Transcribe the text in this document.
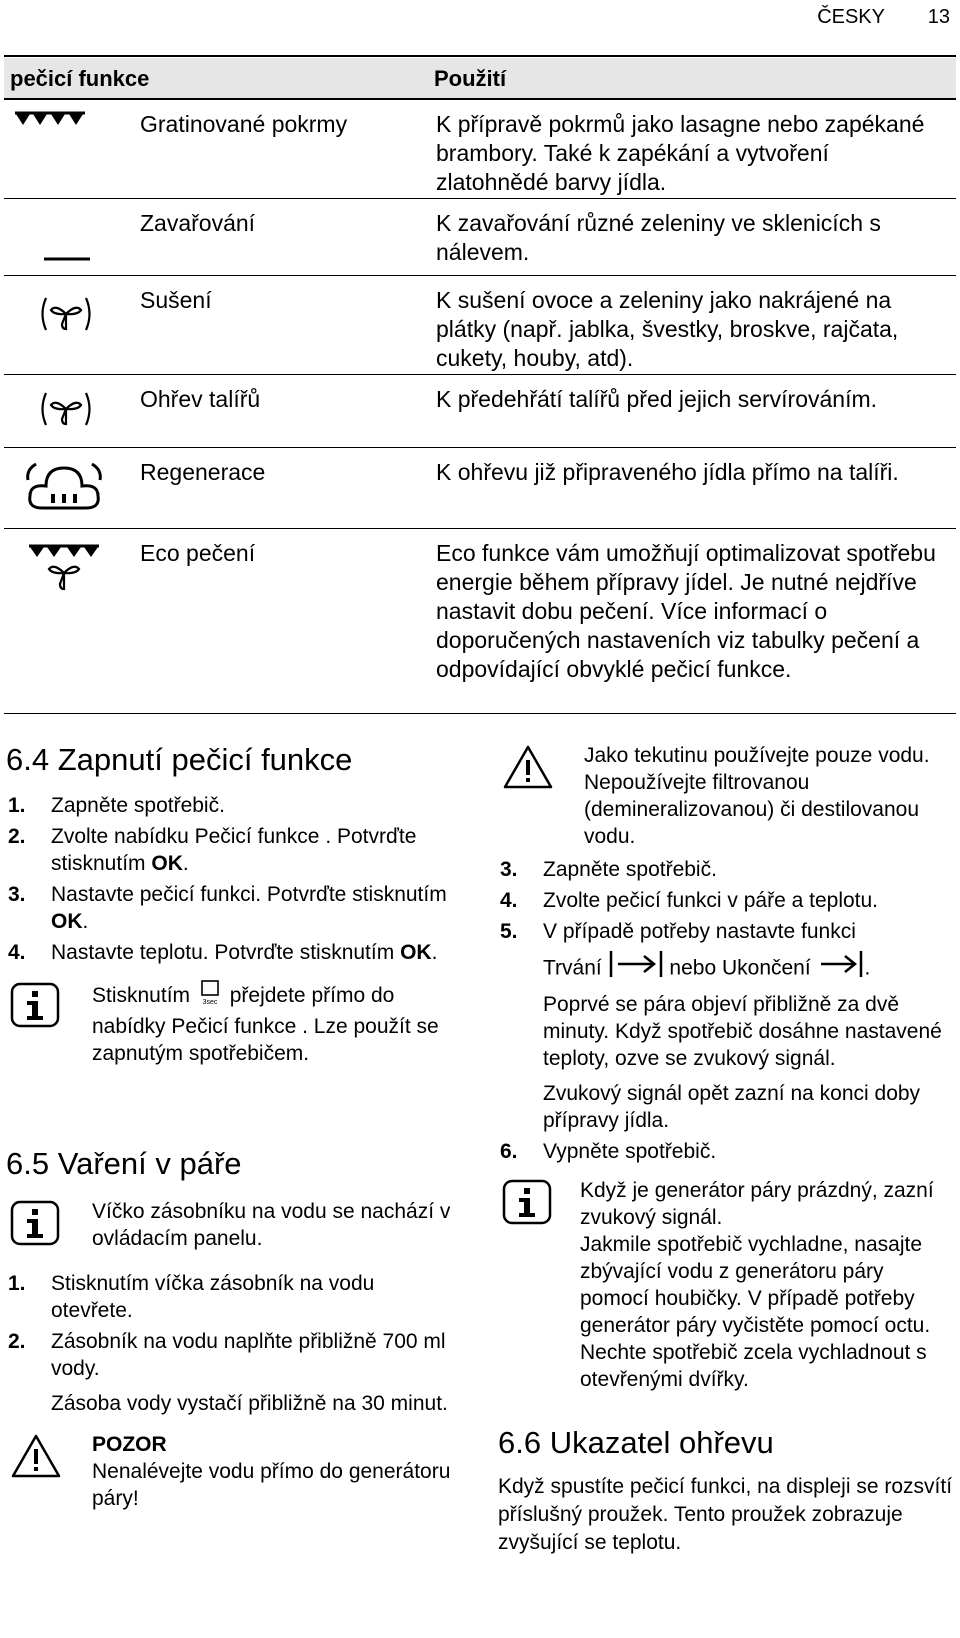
ČESKY 13
pečicí funkce	Použití
Gratinované pokrmy	K přípravě pokrmů jako lasagne nebo zapékané brambory. Také k zapékání a vytvoření zlatohnědé barvy jídla.
Zavařování	K zavařování různé zeleniny ve sklenicích s nálevem.
Sušení	K sušení ovoce a zeleniny jako nakrájené na plátky (např. jablka, švestky, broskve, rajčata, cukety, houby, atd).
Ohřev talířů	K předehřátí talířů před jejich servírováním.
Regenerace	K ohřevu již připraveného jídla přímo na talíři.
Eco pečení	Eco funkce vám umožňují optimalizovat spotřebu energie během přípravy jídel. Je nutné nejdříve nastavit dobu pečení. Více informací o doporučených nastaveních viz tabulky pečení a odpovídající obvyklé pečicí funkce.
6.4 Zapnutí pečicí funkce
1. Zapněte spotřebič.
2. Zvolte nabídku Pečicí funkce . Potvrďte stisknutím OK.
3. Nastavte pečicí funkci. Potvrďte stisknutím OK.
4. Nastavte teplotu. Potvrďte stisknutím OK.
Stisknutím 3sec přejdete přímo do nabídky Pečicí funkce . Lze použít se zapnutým spotřebičem.
6.5 Vaření v páře
Víčko zásobníku na vodu se nachází v ovládacím panelu.
1. Stisknutím víčka zásobník na vodu otevřete.
2. Zásobník na vodu naplňte přibližně 700 ml vody.
Zásoba vody vystačí přibližně na 30 minut.
POZOR
Nenalévejte vodu přímo do generátoru páry!
Jako tekutinu používejte pouze vodu. Nepoužívejte filtrovanou (demineralizovanou) či destilovanou vodu.
3. Zapněte spotřebič.
4. Zvolte pečicí funkci v páře a teplotu.
5. V případě potřeby nastavte funkci
Trvání	nebo Ukončení	.
Poprvé se pára objeví přibližně za dvě minuty. Když spotřebič dosáhne nastavené teploty, ozve se zvukový signál.
Zvukový signál opět zazní na konci doby přípravy jídla.
6. Vypněte spotřebič.
Když je generátor páry prázdný, zazní zvukový signál.
Jakmile spotřebič vychladne, nasajte zbývající vodu z generátoru páry pomocí houbičky. V případě potřeby generátor páry vyčistěte pomocí octu.
Nechte spotřebič zcela vychladnout s otevřenými dvířky.
6.6 Ukazatel ohřevu
Když spustíte pečicí funkci, na displeji se rozsvítí příslušný proužek. Tento proužek zobrazuje zvyšující se teplotu.
